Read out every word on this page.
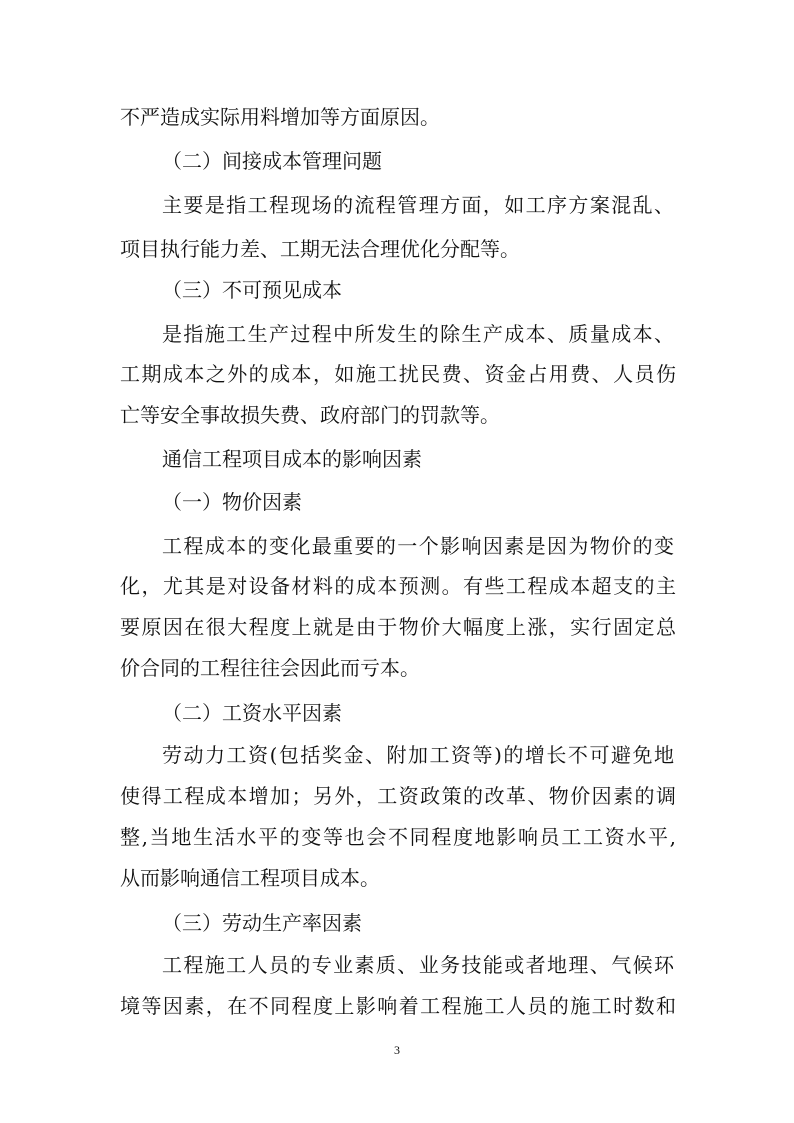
不严造成实际用料增加等方面原因。
（二）间接成本管理问题
主要是指工程现场的流程管理方面，如工序方案混乱、
项目执行能力差、工期无法合理优化分配等。
（三）不可预见成本
是指施工生产过程中所发生的除生产成本、质量成本、
工期成本之外的成本，如施工扰民费、资金占用费、人员伤
亡等安全事故损失费、政府部门的罚款等。
通信工程项目成本的影响因素
（一）物价因素
工程成本的变化最重要的一个影响因素是因为物价的变
化，尤其是对设备材料的成本预测。有些工程成本超支的主
要原因在很大程度上就是由于物价大幅度上涨，实行固定总
价合同的工程往往会因此而亏本。
（二）工资水平因素
劳动力工资(包括奖金、附加工资等)的增长不可避免地
使得工程成本增加；另外，工资政策的改革、物价因素的调
整,当地生活水平的变等也会不同程度地影响员工工资水平,
从而影响通信工程项目成本。
（三）劳动生产率因素
工程施工人员的专业素质、业务技能或者地理、气候环
境等因素，在不同程度上影响着工程施工人员的施工时数和
3
